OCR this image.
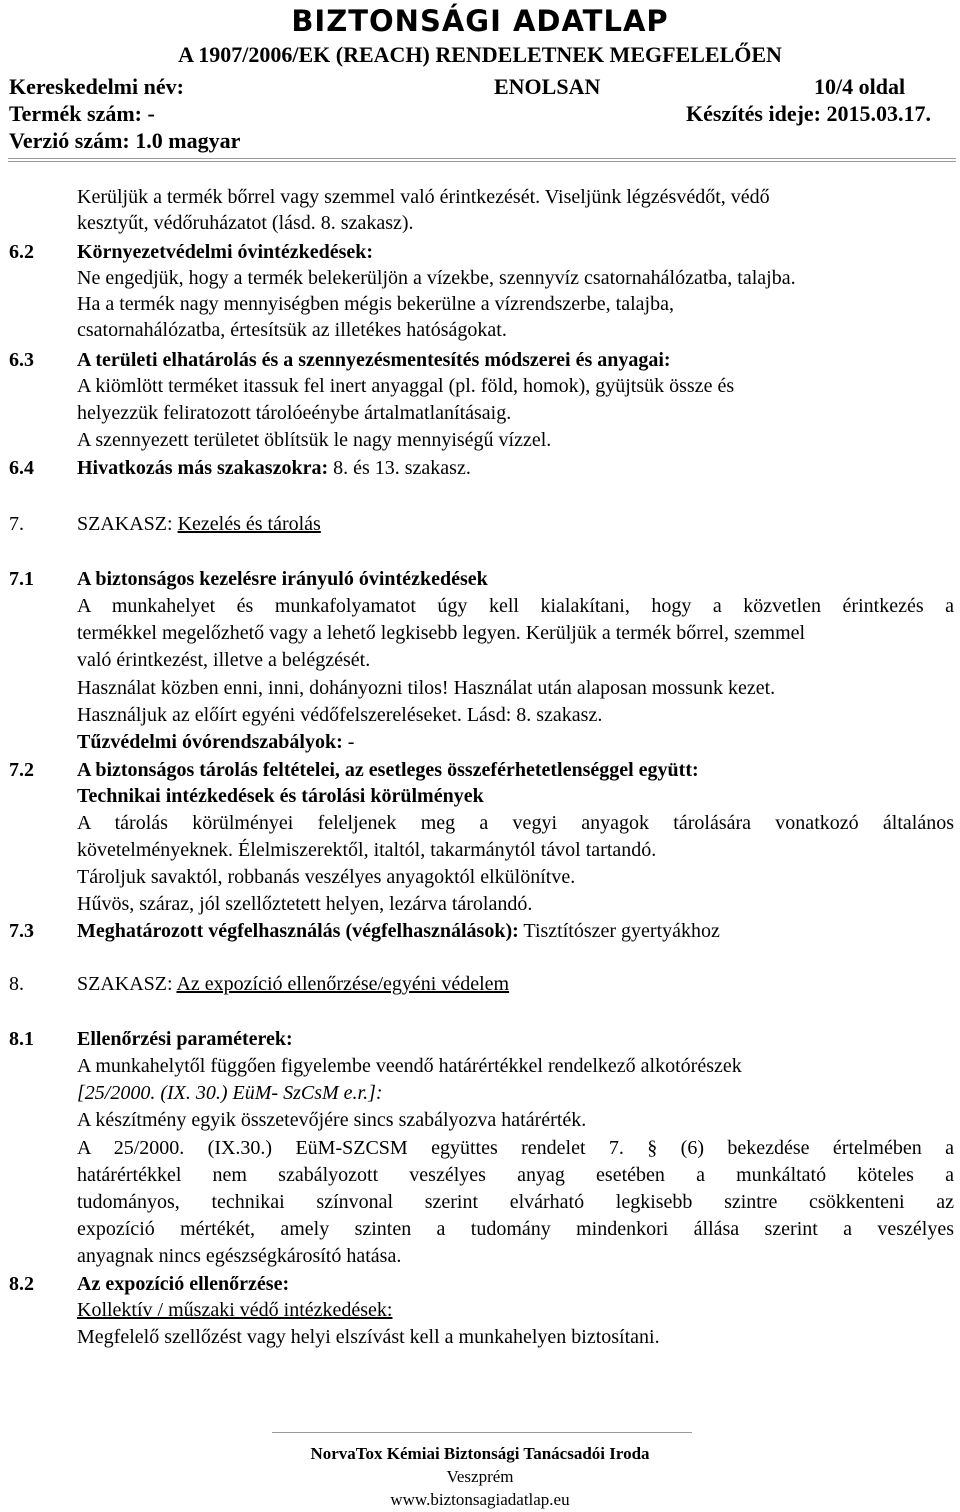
BIZTONSÁGI ADATLAP
A 1907/2006/EK (REACH) RENDELETNEK MEGFELELŐEN
Kereskedelmi név:	ENOLSAN	10/4 oldal
Termék szám: -	Készítés ideje: 2015.03.17.
Verzió szám: 1.0 magyar
Kerüljük a termék bőrrel vagy szemmel való érintkezését. Viseljünk légzésvédőt, védő
kesztyűt, védőruházatot (lásd. 8. szakasz).
6.2 Környezetvédelmi óvintézkedések:
Ne engedjük, hogy a termék belekerüljön a vízekbe, szennyvíz csatornahálózatba, talajba.
Ha a termék nagy mennyiségben mégis bekerülne a vízrendszerbe, talajba,
csatornahálózatba, értesítsük az illetékes hatóságokat.
6.3 A területi elhatárolás és a szennyezésmentesítés módszerei és anyagai:
A kiömlött terméket itassuk fel inert anyaggal (pl. föld, homok), gyüjtsük össze és
helyezzük feliratozott tárolóeénybe ártalmatlanításaig.
A szennyezett területet öblítsük le nagy mennyiségű vízzel.
6.4 Hivatkozás más szakaszokra: 8. és 13. szakasz.
7.	SZAKASZ: Kezelés és tárolás
7.1 A biztonságos kezelésre irányuló óvintézkedések
A munkahelyet és munkafolyamatot úgy kell kialakítani, hogy a közvetlen érintkezés a
termékkel megelőzhető vagy a lehető legkisebb legyen. Kerüljük a termék bőrrel, szemmel
való érintkezést, illetve a belégzését.
Használat közben enni, inni, dohányozni tilos! Használat után alaposan mossunk kezet.
Használjuk az előírt egyéni védőfelszereléseket. Lásd: 8. szakasz.
Tűzvédelmi óvórendszabályok: -
7.2 A biztonságos tárolás feltételei, az esetleges összeférhetetlenséggel együtt:
Technikai intézkedések és tárolási körülmények
A tárolás körülményei feleljenek meg a vegyi anyagok tárolására vonatkozó általános
követelményeknek. Élelmiszerektől, italtól, takarmánytól távol tartandó.
Tároljuk savaktól, robbanás veszélyes anyagoktól elkülönítve.
Hűvös, száraz, jól szellőztetett helyen, lezárva tárolandó.
7.3 Meghatározott végfelhasználás (végfelhasználások): Tisztítószer gyertyákhoz
8.	SZAKASZ: Az expozíció ellenőrzése/egyéni védelem
8.1 Ellenőrzési paraméterek:
A munkahelytől függően figyelembe veendő határértékkel rendelkező alkotórészek
[25/2000. (IX. 30.) EüM- SzCsM e.r.]:
A készítmény egyik összetevőjére sincs szabályozva határérték.
A 25/2000. (IX.30.) EüM-SZCSM együttes rendelet 7. § (6) bekezdése értelmében a
határértékkel nem szabályozott veszélyes anyag esetében a munkáltató köteles a
tudományos, technikai színvonal szerint elvárható legkisebb szintre csökkenteni az
expozíció mértékét, amely szinten a tudomány mindenkori állása szerint a veszélyes
anyagnak nincs egészségkárosító hatása.
8.2 Az expozíció ellenőrzése:
Kollektív / műszaki védő intézkedések:
Megfelelő szellőzést vagy helyi elszívást kell a munkahelyen biztosítani.
NorvaTox Kémiai Biztonsági Tanácsadói Iroda
Veszprém
www.biztonsagiadatlap.eu
